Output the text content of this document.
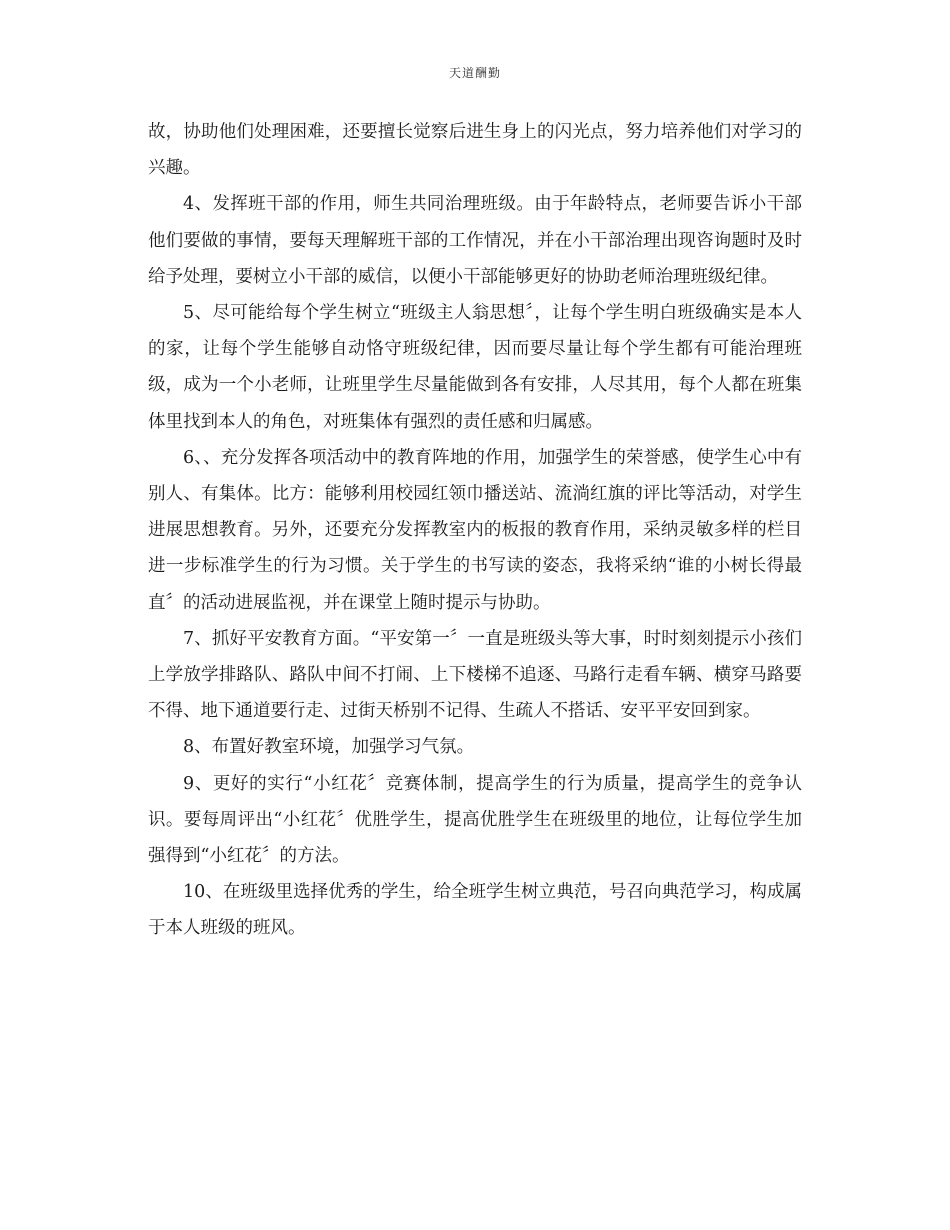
天道酬勤

故，协助他们处理困难，还要擅长觉察后进生身上的闪光点，努力培养他们对学习的兴趣。

4、发挥班干部的作用，师生共同治理班级。由于年龄特点，老师要告诉小干部他们要做的事情，要每天理解班干部的工作情况，并在小干部治理出现咨询题时及时给予处理，要树立小干部的威信，以便小干部能够更好的协助老师治理班级纪律。

5、尽可能给每个学生树立“班级主人翁思想〞，让每个学生明白班级确实是本人的家，让每个学生能够自动恪守班级纪律，因而要尽量让每个学生都有可能治理班级，成为一个小老师，让班里学生尽量能做到各有安排，人尽其用，每个人都在班集体里找到本人的角色，对班集体有强烈的责任感和归属感。

6、、充分发挥各项活动中的教育阵地的作用，加强学生的荣誉感，使学生心中有别人、有集体。比方：能够利用校园红领巾播送站、流淌红旗的评比等活动，对学生进展思想教育。另外，还要充分发挥教室内的板报的教育作用，采纳灵敏多样的栏目进一步标准学生的行为习惯。关于学生的书写读的姿态，我将采纳“谁的小树长得最直〞的活动进展监视，并在课堂上随时提示与协助。

7、抓好平安教育方面。“平安第一〞一直是班级头等大事，时时刻刻提示小孩们上学放学排路队、路队中间不打闹、上下楼梯不追逐、马路行走看车辆、横穿马路要不得、地下通道要行走、过街天桥别不记得、生疏人不搭话、安平平安回到家。

8、布置好教室环境，加强学习气氛。

9、更好的实行“小红花〞竞赛体制，提高学生的行为质量，提高学生的竞争认识。要每周评出“小红花〞优胜学生，提高优胜学生在班级里的地位，让每位学生加强得到“小红花〞的方法。

10、在班级里选择优秀的学生，给全班学生树立典范，号召向典范学习，构成属于本人班级的班风。
